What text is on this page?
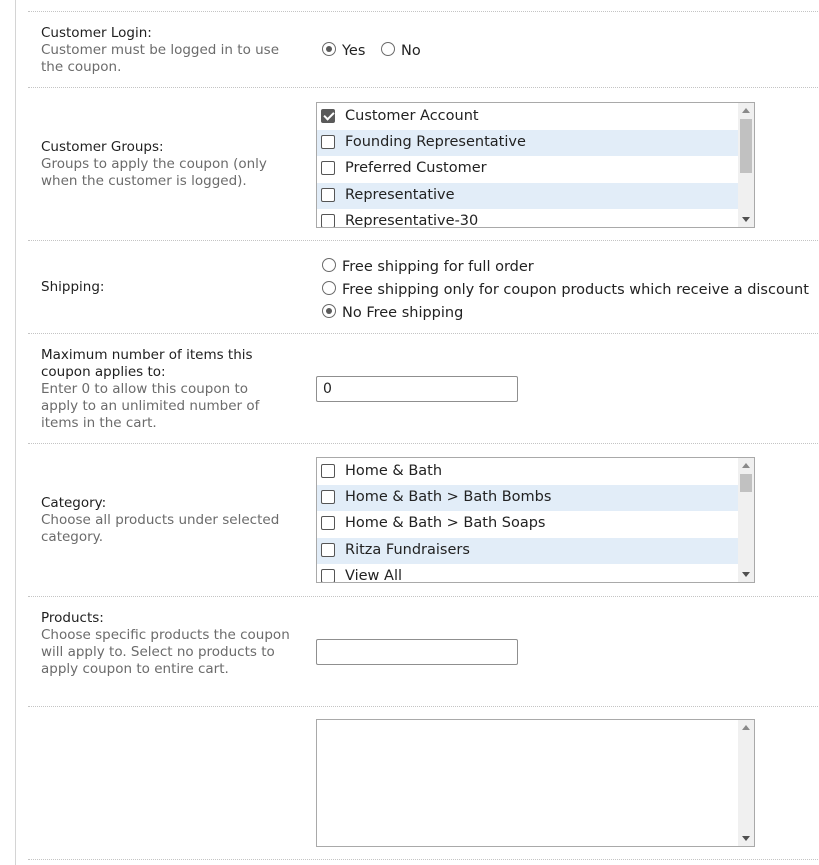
Customer Login:
Customer must be logged in to use the coupon.
Yes	No
Customer Groups:
Groups to apply the coupon (only when the customer is logged).
Customer Account
Founding Representative
Preferred Customer
Representative
Representative-30
Shipping:
Free shipping for full order
Free shipping only for coupon products which receive a discount
No Free shipping
Maximum number of items this coupon applies to:
Enter 0 to allow this coupon to apply to an unlimited number of items in the cart.
0
Category:
Choose all products under selected category.
Home & Bath
Home & Bath > Bath Bombs
Home & Bath > Bath Soaps
Ritza Fundraisers
View All
Products:
Choose specific products the coupon will apply to. Select no products to apply coupon to entire cart.
